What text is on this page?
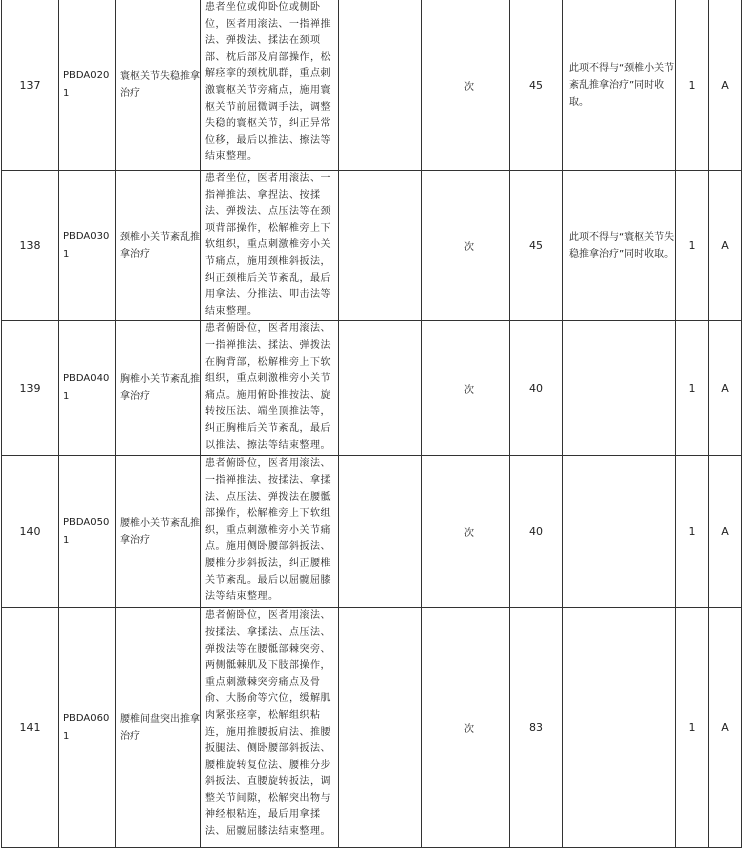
137	PBDA0201	寰枢关节失稳推拿治疗	患者坐位或仰卧位或侧卧位，医者用滚法、一指禅推法、弹拨法、揉法在颈项部、枕后部及肩部操作，松解痉挛的颈枕肌群，重点刺激寰枢关节旁痛点，施用寰枢关节前屈微调手法，调整失稳的寰枢关节，纠正异常位移，最后以推法、擦法等结束整理。		次	45	此项不得与“颈椎小关节紊乱推拿治疗”同时收取。	1	A
138	PBDA0301	颈椎小关节紊乱推拿治疗	患者坐位，医者用滚法、一指禅推法、拿捏法、按揉法、弹拨法、点压法等在颈项背部操作，松解椎旁上下软组织，重点刺激椎旁小关节痛点，施用颈椎斜扳法，纠正颈椎后关节紊乱，最后用拿法、分推法、叩击法等结束整理。		次	45	此项不得与“寰枢关节失稳推拿治疗”同时收取。	1	A
139	PBDA0401	胸椎小关节紊乱推拿治疗	患者俯卧位，医者用滚法、一指禅推法、揉法、弹拨法在胸背部，松解椎旁上下软组织，重点刺激椎旁小关节痛点。施用俯卧推按法、旋转按压法、端坐顶推法等，纠正胸椎后关节紊乱，最后以推法、擦法等结束整理。		次	40		1	A
140	PBDA0501	腰椎小关节紊乱推拿治疗	患者俯卧位，医者用滚法、一指禅推法、按揉法、拿揉法、点压法、弹拨法在腰骶部操作，松解椎旁上下软组织，重点刺激椎旁小关节痛点。施用侧卧腰部斜扳法、腰椎分步斜扳法，纠正腰椎关节紊乱。最后以屈髋屈膝法等结束整理。		次	40		1	A
141	PBDA0601	腰椎间盘突出推拿治疗	患者俯卧位，医者用滚法、按揉法、拿揉法、点压法、弹拨法等在腰骶部棘突旁、两侧骶棘肌及下肢部操作，重点刺激棘突旁痛点及骨俞、大肠俞等穴位，缓解肌肉紧张痉挛，松解组织粘连，施用推腰扳肩法、推腰扳腿法、侧卧腰部斜扳法、腰椎旋转复位法、腰椎分步斜扳法、直腰旋转扳法，调整关节间隙，松解突出物与神经根粘连，最后用拿揉法、屈髋屈膝法结束整理。		次	83		1	A
